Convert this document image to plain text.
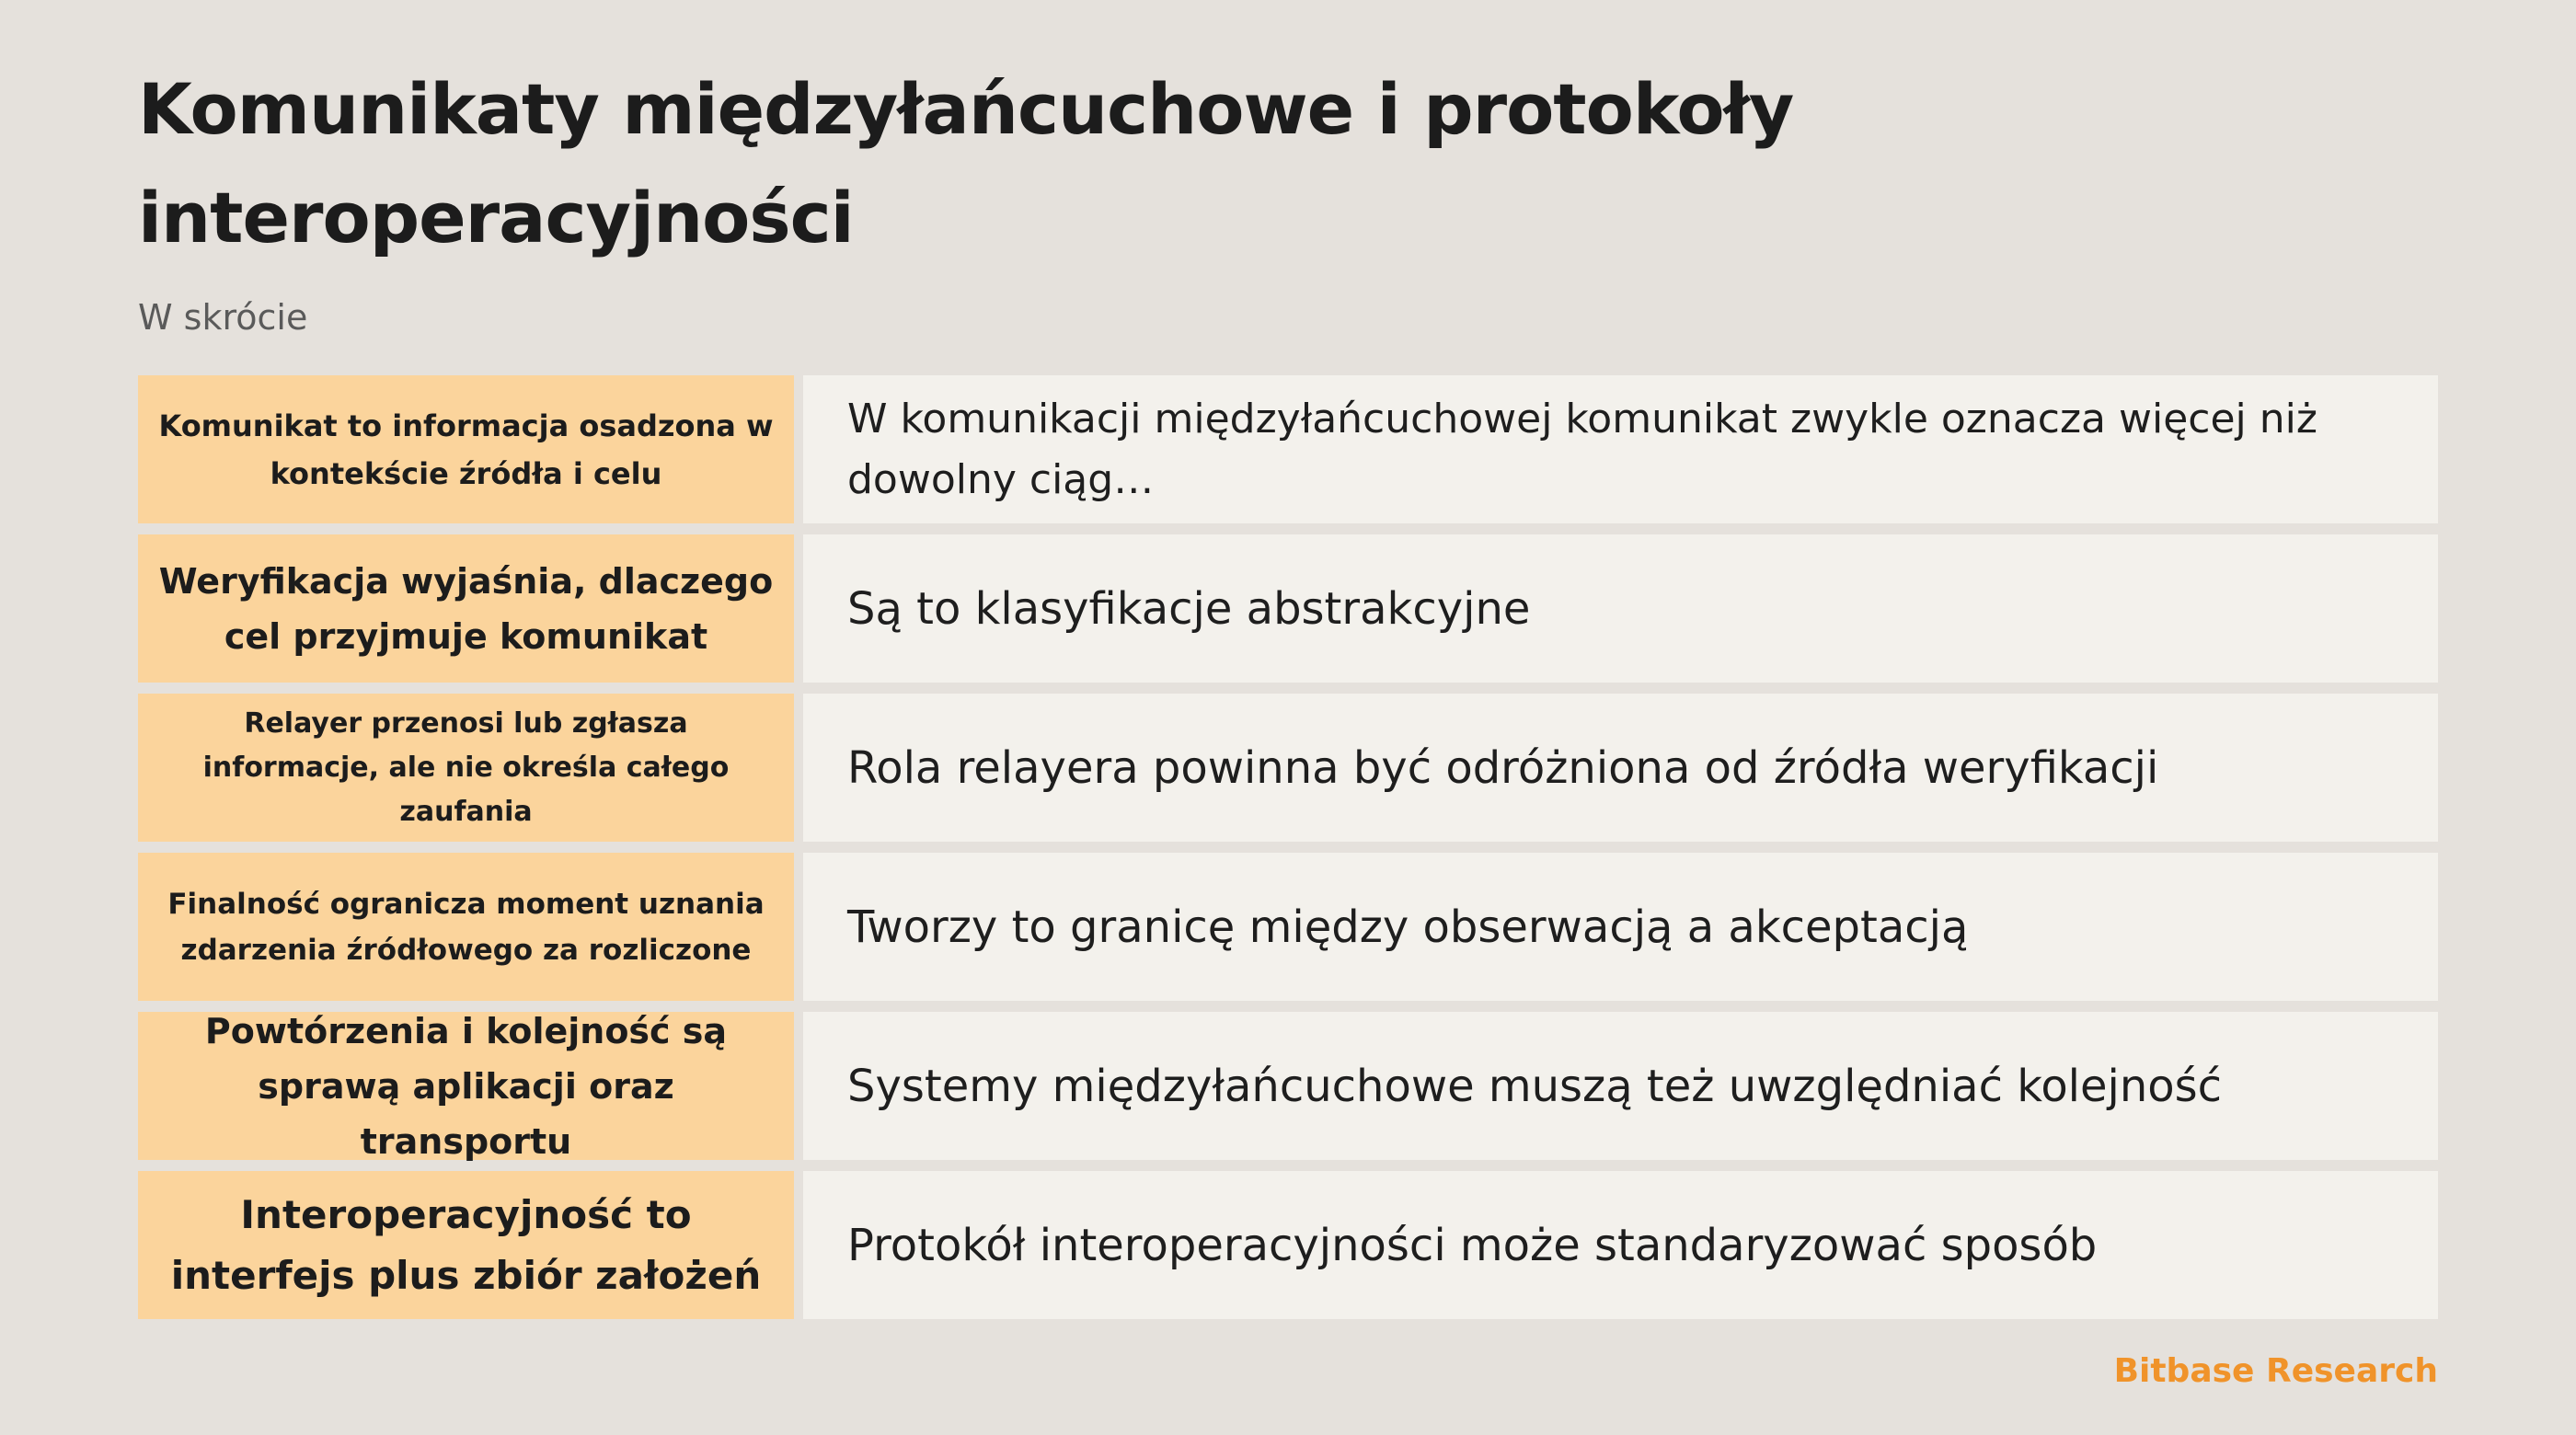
Komunikaty międzyłańcuchowe i protokoły interoperacyjności
W skrócie
Komunikat to informacja osadzona w kontekście źródła i celu
W komunikacji międzyłańcuchowej komunikat zwykle oznacza więcej niż dowolny ciąg…
Weryfikacja wyjaśnia, dlaczego cel przyjmuje komunikat
Są to klasyfikacje abstrakcyjne
Relayer przenosi lub zgłasza informacje, ale nie określa całego zaufania
Rola relayera powinna być odróżniona od źródła weryfikacji
Finalność ogranicza moment uznania zdarzenia źródłowego za rozliczone	Tworzy to granicę między obserwacją a akceptacją
Powtórzenia i kolejność są sprawą aplikacji oraz transportu
Systemy międzyłańcuchowe muszą też uwzględniać kolejność
Interoperacyjność to interfejs plus zbiór założeń
Protokół interoperacyjności może standaryzować sposób
Bitbase Research
